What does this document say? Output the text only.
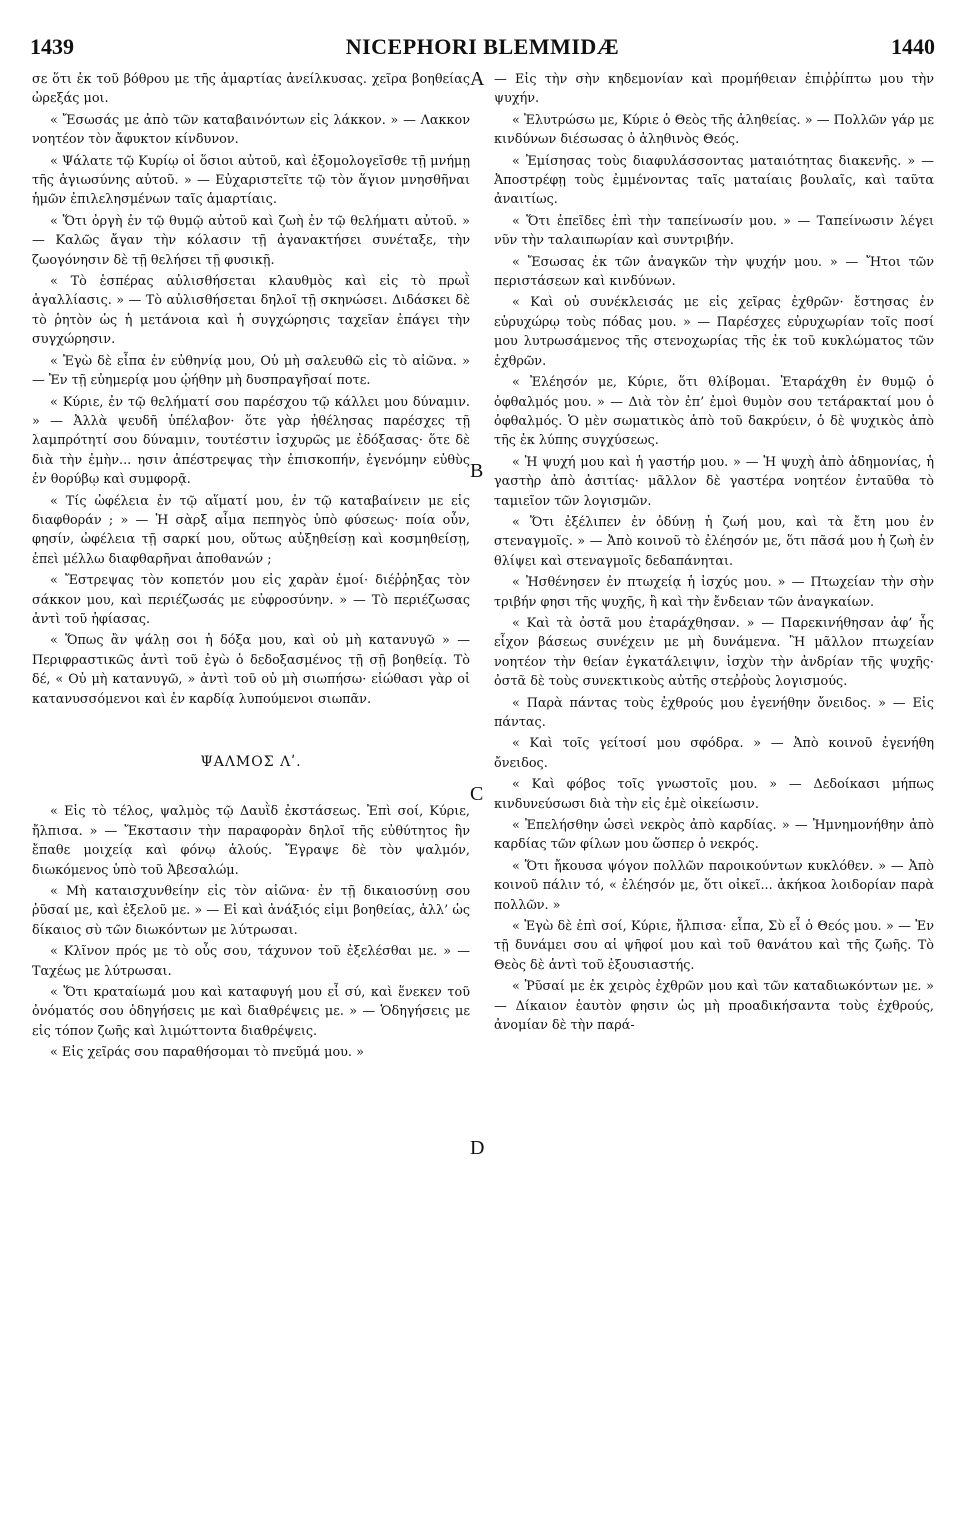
1439	NICEPHORI BLEMMIDÆ	1440
A
B
C
D

σε ὅτι ἐκ τοῦ βόθρου με τῆς ἁμαρτίας ἀνείλκυσας. χεῖρα βοηθείας ὠρεξάς μοι.

« Ἔσωσάς με ἀπὸ τῶν καταβαινόντων εἰς λάκκον. » — Λακκον νοητέον τὸν ἄφυκτον κίνδυνον.

« Ψάλατε τῷ Κυρίῳ οἱ ὅσιοι αὐτοῦ, καὶ ἐξομολογεῖσθε τῇ μνήμῃ τῆς ἁγιωσύνης αὐτοῦ. » — Εὐχαριστεῖτε τῷ τὸν ἅγιον μνησθῆναι ἡμῶν ἐπιλελησμένων ταῖς ἁμαρτίαις.

« Ὅτι ὀργὴ ἐν τῷ θυμῷ αὐτοῦ καὶ ζωὴ ἐν τῷ θελήματι αὐτοῦ. » — Καλῶς ἄγαν τὴν κόλασιν τῇ ἀγανακτήσει συνέταξε, τὴν ζωογόνησιν δὲ τῇ θελήσει τῇ φυσικῇ.

« Τὸ ἑσπέρας αὐλισθήσεται κλαυθμὸς καὶ εἰς τὸ πρωῒ ἀγαλλίασις. » — Τὸ αὐλισθήσεται δηλοῖ τῇ σκηνώσει. Διδάσκει δὲ τὸ ῥητὸν ὡς ἡ μετάνοια καὶ ἡ συγχώρησις ταχεῖαν ἐπάγει τὴν συγχώρησιν.

« Ἐγὼ δὲ εἶπα ἐν εὐθηνίᾳ μου, Οὐ μὴ σαλευθῶ εἰς τὸ αἰῶνα. » — Ἐν τῇ εὐημερίᾳ μου ᾠήθην μὴ δυσπραγῆσαί ποτε.

« Κύριε, ἐν τῷ θελήματί σου παρέσχου τῷ κάλλει μου δύναμιν. » — Ἀλλὰ ψευδῆ ὑπέλαβον· ὅτε γὰρ ἠθέλησας παρέσχες τῇ λαμπρότητί σου δύναμιν, τουτέστιν ἰσχυρῶς με ἐδόξασας· ὅτε δὲ διὰ τὴν ἐμὴν... ησιν ἀπέστρεψας τὴν ἐπισκοπήν, ἐγενόμην εὐθὺς ἐν θορύβῳ καὶ συμφορᾷ.

« Τίς ὠφέλεια ἐν τῷ αἵματί μου, ἐν τῷ καταβαίνειν με εἰς διαφθοράν ; » — Ἡ σὰρξ αἷμα πεπηγὸς ὑπὸ φύσεως· ποία οὖν, φησίν, ὠφέλεια τῇ σαρκί μου, οὕτως αὐξηθείσῃ καὶ κοσμηθείσῃ, ἐπεὶ μέλλω διαφθαρῆναι ἀποθανών ;

« Ἔστρεψας τὸν κοπετόν μου εἰς χαρὰν ἐμοί· διέῤῥηξας τὸν σάκκον μου, καὶ περιέζωσάς με εὐφροσύνην. » — Τὸ περιέζωσας ἀντὶ τοῦ ἠφίασας.

« Ὅπως ἂν ψάλῃ σοι ἡ δόξα μου, καὶ οὐ μὴ κατανυγῶ » — Περιφραστικῶς ἀντὶ τοῦ ἐγὼ ὁ δεδοξασμένος τῇ σῇ βοηθείᾳ. Τὸ δέ, « Οὐ μὴ κατανυγῶ, » ἀντὶ τοῦ οὐ μὴ σιωπήσω· εἰώθασι γὰρ οἱ κατανυσσόμενοι καὶ ἐν καρδίᾳ λυπούμενοι σιωπᾶν.

ΨΑΛΜΟΣ Λʹ.

« Εἰς τὸ τέλος, ψαλμὸς τῷ Δαυῒδ ἐκστάσεως. Ἐπὶ σοί, Κύριε, ἤλπισα. » — Ἔκστασιν τὴν παραφορὰν δηλοῖ τῆς εὐθύτητος ἣν ἔπαθε μοιχείᾳ καὶ φόνῳ ἁλούς. Ἔγραψε δὲ τὸν ψαλμόν, διωκόμενος ὑπὸ τοῦ Ἀβεσαλώμ.

« Μὴ καταισχυνθείην εἰς τὸν αἰῶνα· ἐν τῇ δικαιοσύνῃ σου ῥῦσαί με, καὶ ἐξελοῦ με. » — Εἰ καὶ ἀνάξιός εἰμι βοηθείας, ἀλλ’ ὡς δίκαιος σὺ τῶν διωκόντων με λύτρωσαι.

« Κλῖνον πρός με τὸ οὖς σου, τάχυνον τοῦ ἐξελέσθαι με. » — Ταχέως με λύτρωσαι.

« Ὅτι κραταίωμά μου καὶ καταφυγή μου εἶ σύ, καὶ ἕνεκεν τοῦ ὀνόματός σου ὁδηγήσεις με καὶ διαθρέψεις με. » — Ὁδηγήσεις με εἰς τόπον ζωῆς καὶ λιμώττοντα διαθρέψεις.

« Εἰς χεῖράς σου παραθήσομαι τὸ πνεῦμά μου. »

— Εἰς τὴν σὴν κηδεμονίαν καὶ προμήθειαν ἐπιῤῥίπτω μου τὴν ψυχήν.

« Ἐλυτρώσω με, Κύριε ὁ Θεὸς τῆς ἀληθείας. » — Πολλῶν γάρ με κινδύνων διέσωσας ὁ ἀληθινὸς Θεός.

« Ἐμίσησας τοὺς διαφυλάσσοντας ματαιότητας διακενῆς. » — Ἀποστρέφῃ τοὺς ἐμμένοντας ταῖς ματαίαις βουλαῖς, καὶ ταῦτα ἀναιτίως.

« Ὅτι ἐπεῖδες ἐπὶ τὴν ταπείνωσίν μου. » — Ταπείνωσιν λέγει νῦν τὴν ταλαιπωρίαν καὶ συντριβήν.

« Ἔσωσας ἐκ τῶν ἀναγκῶν τὴν ψυχήν μου. » — Ἤτοι τῶν περιστάσεων καὶ κινδύνων.

« Καὶ οὐ συνέκλεισάς με εἰς χεῖρας ἐχθρῶν· ἔστησας ἐν εὐρυχώρῳ τοὺς πόδας μου. » — Παρέσχες εὐρυχωρίαν τοῖς ποσί μου λυτρωσάμενος τῆς στενοχωρίας τῆς ἐκ τοῦ κυκλώματος τῶν ἐχθρῶν.

« Ἐλέησόν με, Κύριε, ὅτι θλίβομαι. Ἐταράχθη ἐν θυμῷ ὁ ὀφθαλμός μου. » — Διὰ τὸν ἐπ’ ἐμοὶ θυμὸν σου τετάρακταί μου ὁ ὀφθαλμός. Ὁ μὲν σωματικὸς ἀπὸ τοῦ δακρύειν, ὁ δὲ ψυχικὸς ἀπὸ τῆς ἐκ λύπης συγχύσεως.

« Ἡ ψυχή μου καὶ ἡ γαστήρ μου. » — Ἡ ψυχὴ ἀπὸ ἀδημονίας, ἡ γαστὴρ ἀπὸ ἀσιτίας· μᾶλλον δὲ γαστέρα νοητέον ἐνταῦθα τὸ ταμιεῖον τῶν λογισμῶν.

« Ὅτι ἐξέλιπεν ἐν ὀδύνῃ ἡ ζωή μου, καὶ τὰ ἔτη μου ἐν στεναγμοῖς. » — Ἀπὸ κοινοῦ τὸ ἐλέησόν με, ὅτι πᾶσά μου ἡ ζωὴ ἐν θλίψει καὶ στεναγμοῖς δεδαπάνηται.

« Ἠσθένησεν ἐν πτωχείᾳ ἡ ἰσχύς μου. » — Πτωχείαν τὴν σὴν τριβήν φησι τῆς ψυχῆς, ἢ καὶ τὴν ἔνδειαν τῶν ἀναγκαίων.

« Καὶ τὰ ὀστᾶ μου ἐταράχθησαν. » — Παρεκινήθησαν ἀφ’ ἧς εἶχον βάσεως συνέχειν με μὴ δυνάμενα. Ἢ μᾶλλον πτωχείαν νοητέον τὴν θείαν ἐγκατάλειψιν, ἰσχὺν τὴν ἀνδρίαν τῆς ψυχῆς· ὀστᾶ δὲ τοὺς συνεκτικοὺς αὐτῆς στεῤῥοὺς λογισμούς.

« Παρὰ πάντας τοὺς ἐχθρούς μου ἐγενήθην ὄνειδος. » — Εἰς πάντας.

« Καὶ τοῖς γείτοσί μου σφόδρα. » — Ἀπὸ κοινοῦ ἐγενήθη ὄνειδος.

« Καὶ φόβος τοῖς γνωστοῖς μου. » — Δεδοίκασι μήπως κινδυνεύσωσι διὰ τὴν εἰς ἐμὲ οἰκείωσιν.

« Ἐπελήσθην ὡσεὶ νεκρὸς ἀπὸ καρδίας. » — Ἠμνημονήθην ἀπὸ καρδίας τῶν φίλων μου ὥσπερ ὁ νεκρός.

« Ὅτι ἤκουσα ψόγον πολλῶν παροικούντων κυκλόθεν. » — Ἀπὸ κοινοῦ πάλιν τό, « ἐλέησόν με, ὅτι οἰκεῖ... ἀκήκοα λοιδορίαν παρὰ πολλῶν. »

« Ἐγὼ δὲ ἐπὶ σοί, Κύριε, ἤλπισα· εἶπα, Σὺ εἶ ὁ Θεός μου. » — Ἐν τῇ δυνάμει σου αἱ ψῆφοί μου καὶ τοῦ θανάτου καὶ τῆς ζωῆς. Τὸ Θεὸς δὲ ἀντὶ τοῦ ἐξουσιαστής.

« Ῥῦσαί με ἐκ χειρὸς ἐχθρῶν μου καὶ τῶν καταδιωκόντων με. » — Δίκαιον ἑαυτὸν φησιν ὡς μὴ προαδικήσαντα τοὺς ἐχθρούς, ἀνομίαν δὲ τὴν παρά-
